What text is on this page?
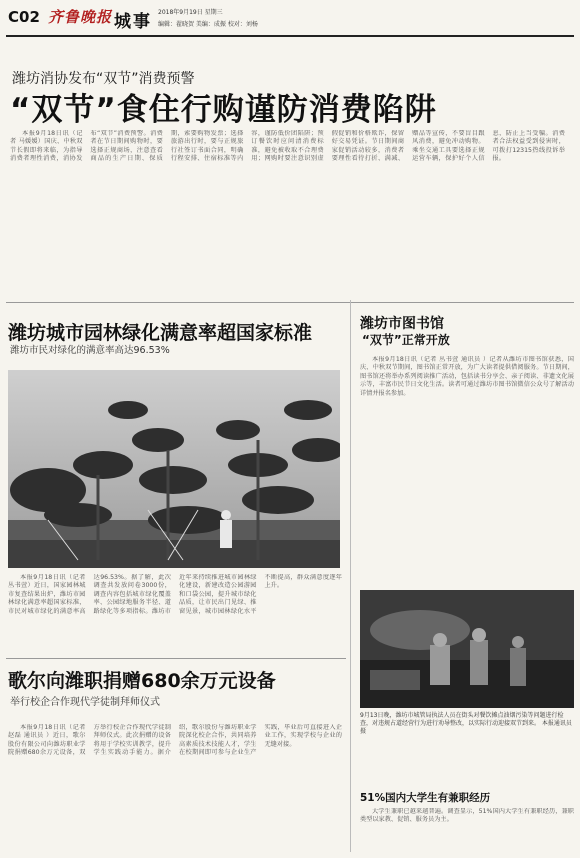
C02 齐鲁晚报 城事 2018年9月19日 星期三
编辑：翟晓贺 美编：成振 校对：刘杨
潍坊消协发布“双节”消费预警
“双节”食住行购谨防消费陷阱

本报9月18日讯（记者 马媛媛）国庆、中秋双节长假即将来临，为指导消费者理性消费，消协发布“双节”消费预警。消费者在节日期间购物时，要选择正规商场，注意查看商品的生产日期、保质期，索要购物发票；选择旅游出行时，要与正规旅行社签订书面合同，明确行程安排、住宿标准等内容，谨防低价团陷阱；预订餐饮时应问清消费标准，避免被收取不合理费用；网购时要注意识别虚假促销和价格欺诈，保留好交易凭证。节日期间商家促销活动较多，消费者要理性看待打折、满减、赠品等宣传，不要盲目跟风消费，避免冲动购物。乘坐交通工具要选择正规运营车辆，保护好个人信息，防止上当受骗。消费者合法权益受到侵害时，可拨打12315热线投诉举报。

潍坊城市园林绿化满意率超国家标准
潍坊市民对绿化的满意率高达96.53%

本报9月18日讯（记者 丛书萱）近日，国家园林城市复查结果出炉，潍坊市园林绿化满意率超国家标准，市民对城市绿化的满意率高达96.53%。据了解，此次调查共发放问卷3000份，调查内容包括城市绿化覆盖率、公园绿地服务半径、道路绿化等多项指标。潍坊市近年来持续推进城市园林绿化建设，新建改造公园游园和口袋公园，提升城市绿化品质，让市民出门见绿、推窗见景，城市园林绿化水平不断提高，群众满意度逐年上升。

潍坊市图书馆
“双节”正常开放

本报9月18日讯（记者 丛书萱 通讯员 ）记者从潍坊市图书馆获悉，国庆、中秋双节期间，图书馆正常开放，为广大读者提供借阅服务。节日期间，图书馆还将举办系列阅读推广活动，包括读书分享会、亲子阅读、非遗文化展示等，丰富市民节日文化生活。读者可通过潍坊市图书馆微信公众号了解活动详情并报名参加。

9月13日晚，潍坊市城管局执法人员在街头对餐饮摊点油烟污染等问题进行检查，对违规占道经营行为进行劝导整改，以实际行动迎接双节到来。 本报通讯员 摄
歌尔向潍职捐赠680余万元设备
举行校企合作现代学徒制拜师仪式

本报9月18日讯（记者 赵磊 通讯员 ）近日，歌尔股份有限公司向潍坊职业学院捐赠680余万元设备，双方举行校企合作现代学徒制拜师仪式。此次捐赠的设备将用于学校实训教学，提升学生实践动手能力。据介绍，歌尔股份与潍坊职业学院深化校企合作，共同培养高素质技术技能人才，学生在校期间即可参与企业生产实践，毕业后可直接进入企业工作，实现学校与企业的无缝对接。

51%国内大学生有兼职经历

大学生兼职已越来越普遍。调查显示，51%国内大学生有兼职经历，兼职类型以家教、促销、服务员为主。
